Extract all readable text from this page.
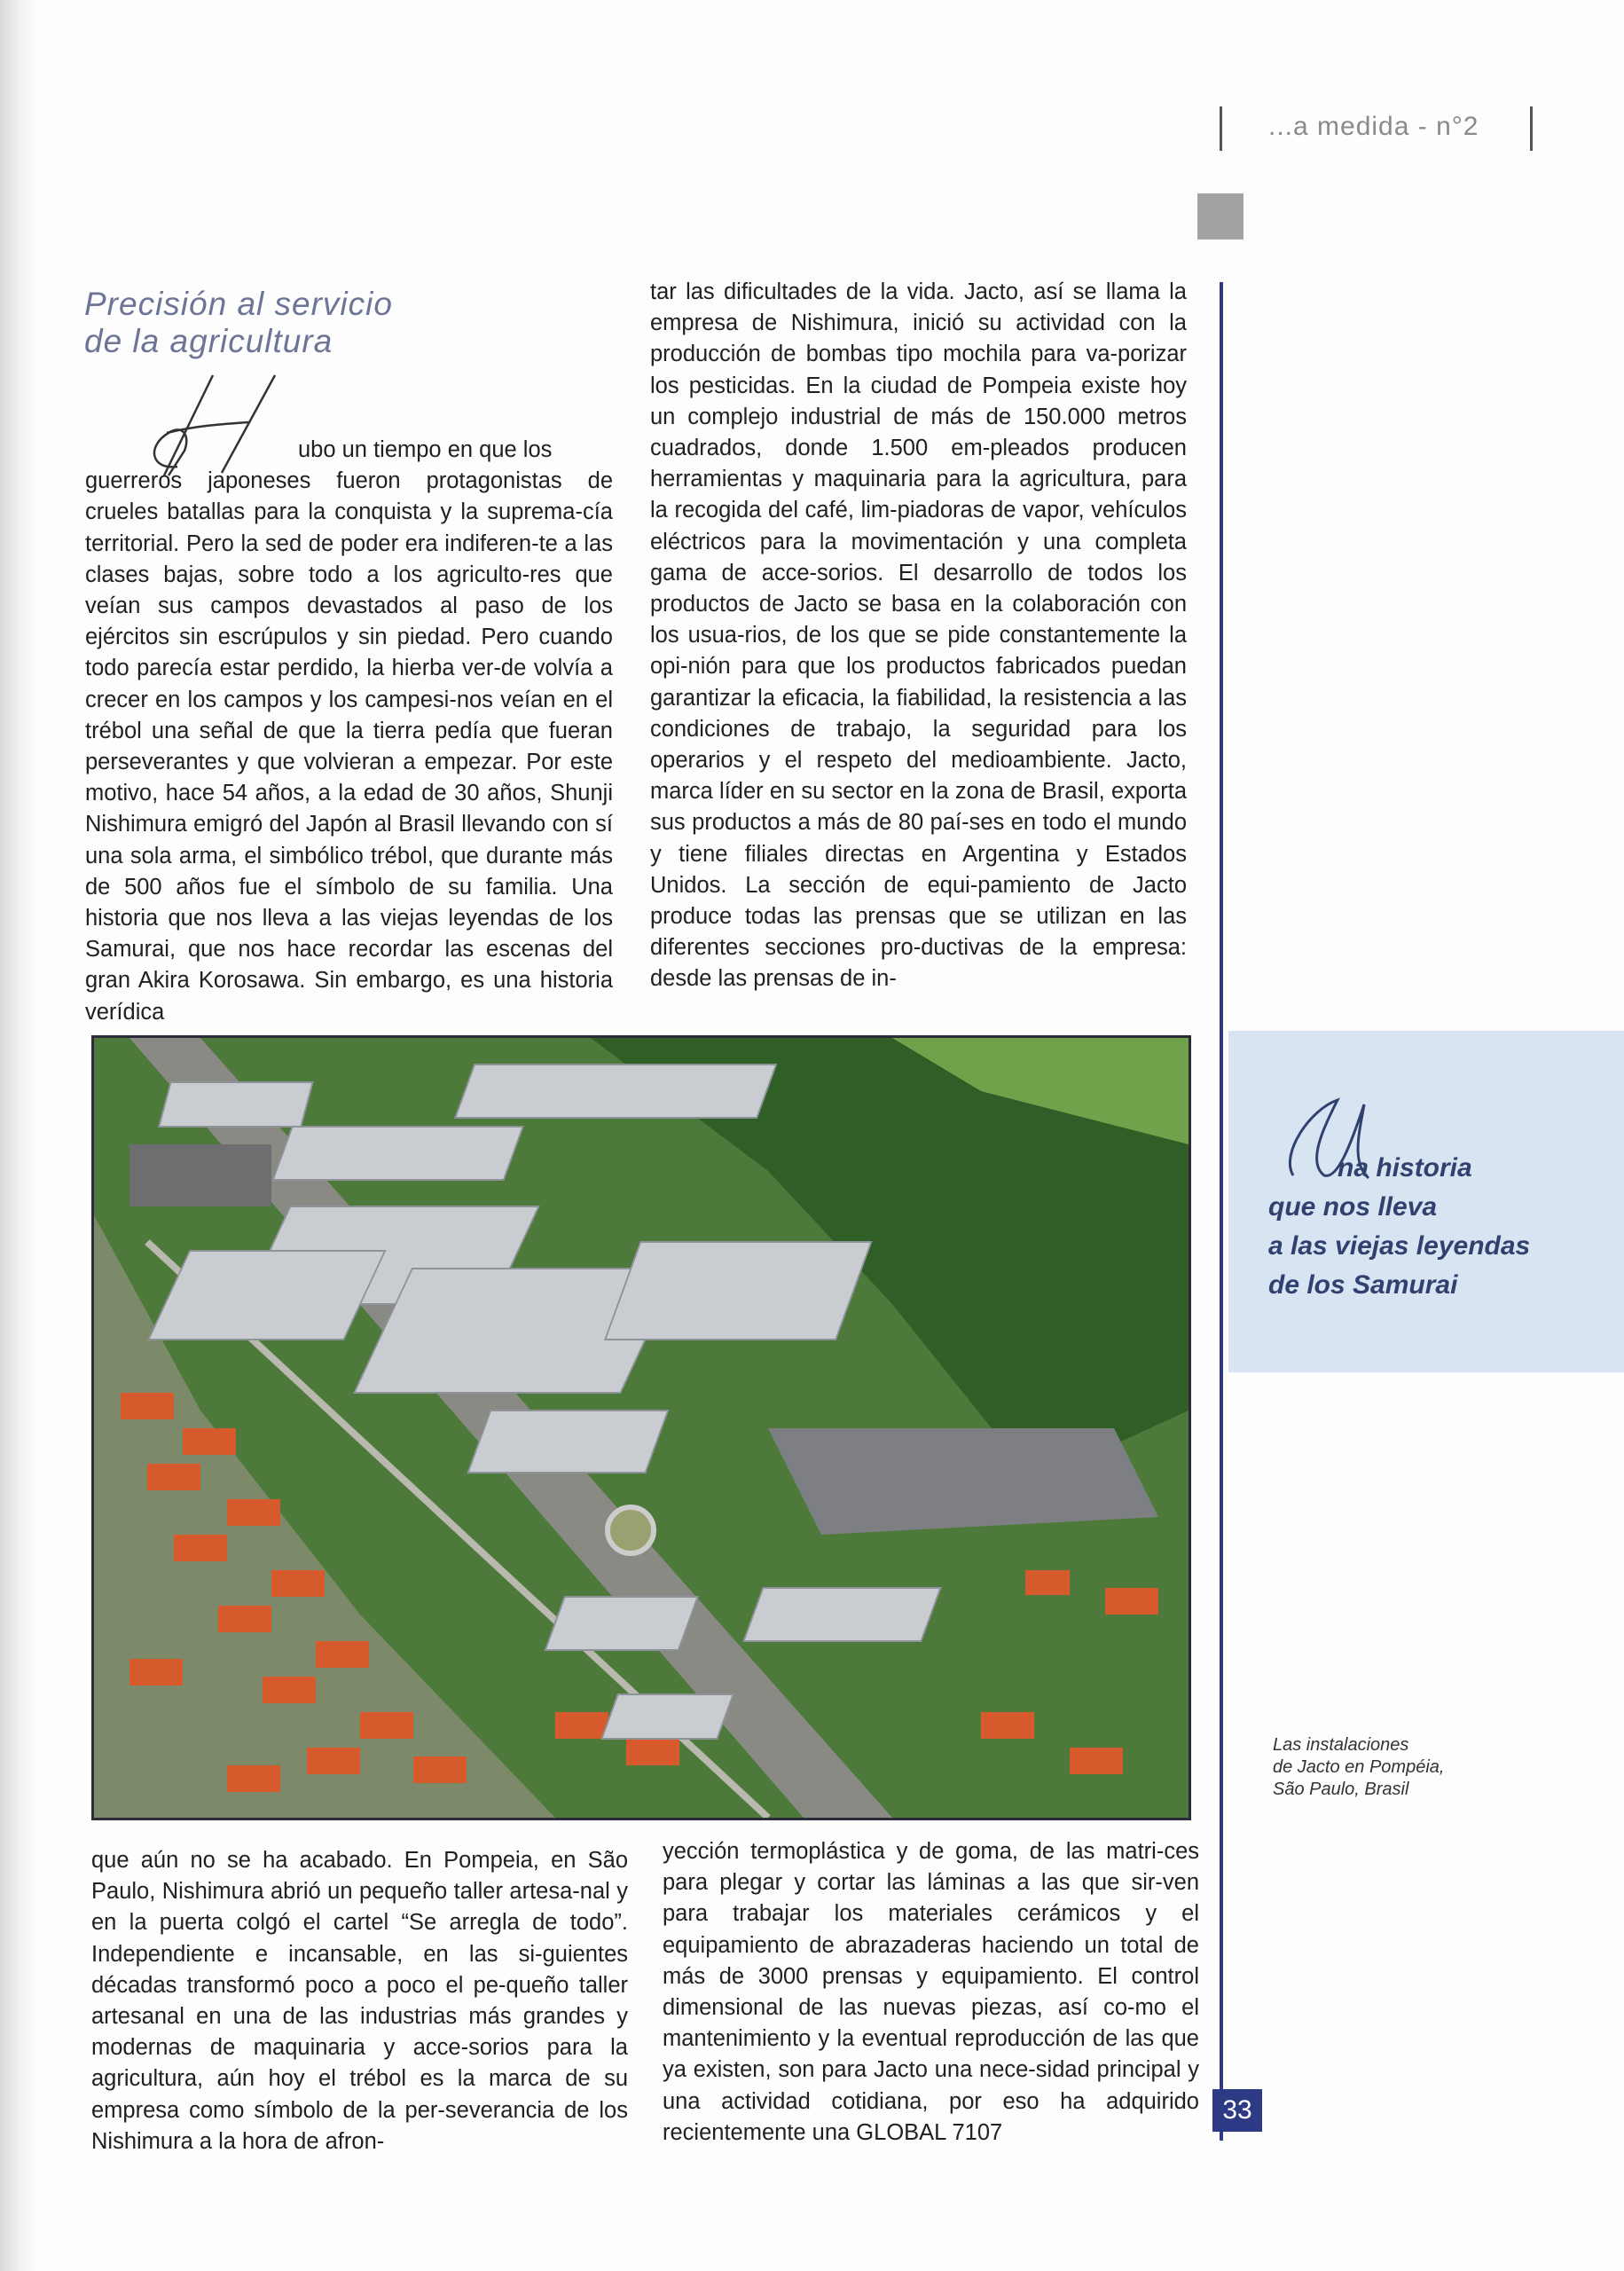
...a medida - n°2
33
Precisión al servicio
de la agricultura

ubo un tiempo en que los

guerreros japoneses fueron protagonistas de crueles batallas para la conquista y la suprema-cía territorial. Pero la sed de poder era indiferen-te a las clases bajas, sobre todo a los agriculto-res que veían sus campos devastados al paso de los ejércitos sin escrúpulos y sin piedad. Pero cuando todo parecía estar perdido, la hierba ver-de volvía a crecer en los campos y los campesi-nos veían en el trébol una señal de que la tierra pedía que fueran perseverantes y que volvieran a empezar. Por este motivo, hace 54 años, a la edad de 30 años, Shunji Nishimura emigró del Japón al Brasil llevando con sí una sola arma, el simbólico trébol, que durante más de 500 años fue el símbolo de su familia. Una historia que nos lleva a las viejas leyendas de los Samurai, que nos hace recordar las escenas del gran Akira Korosawa. Sin embargo, es una historia verídica

tar las dificultades de la vida. Jacto, así se llama la empresa de Nishimura, inició su actividad con la producción de bombas tipo mochila para va-porizar los pesticidas. En la ciudad de Pompeia existe hoy un complejo industrial de más de 150.000 metros cuadrados, donde 1.500 em-pleados producen herramientas y maquinaria para la agricultura, para la recogida del café, lim-piadoras de vapor, vehículos eléctricos para la movimentación y una completa gama de acce-sorios. El desarrollo de todos los productos de Jacto se basa en la colaboración con los usua-rios, de los que se pide constantemente la opi-nión para que los productos fabricados puedan garantizar la eficacia, la fiabilidad, la resistencia a las condiciones de trabajo, la seguridad para los operarios y el respeto del medioambiente. Jacto, marca líder en su sector en la zona de Brasil, exporta sus productos a más de 80 paí-ses en todo el mundo y tiene filiales directas en Argentina y Estados Unidos. La sección de equi-pamiento de Jacto produce todas las prensas que se utilizan en las diferentes secciones pro-ductivas de la empresa: desde las prensas de in-

na historia
que nos lleva
a las viejas leyendas
de los Samurai
Las instalaciones
de Jacto en Pompéia,
São Paulo, Brasil

que aún no se ha acabado. En Pompeia, en São Paulo, Nishimura abrió un pequeño taller artesa-nal y en la puerta colgó el cartel “Se arregla de todo”. Independiente e incansable, en las si-guientes décadas transformó poco a poco el pe-queño taller artesanal en una de las industrias más grandes y modernas de maquinaria y acce-sorios para la agricultura, aún hoy el trébol es la marca de su empresa como símbolo de la per-severancia de los Nishimura a la hora de afron-

yección termoplástica y de goma, de las matri-ces para plegar y cortar las láminas a las que sir-ven para trabajar los materiales cerámicos y el equipamiento de abrazaderas haciendo un total de más de 3000 prensas y equipamiento. El control dimensional de las nuevas piezas, así co-mo el mantenimiento y la eventual reproducción de las que ya existen, son para Jacto una nece-sidad principal y una actividad cotidiana, por eso ha adquirido recientemente una GLOBAL 7107
